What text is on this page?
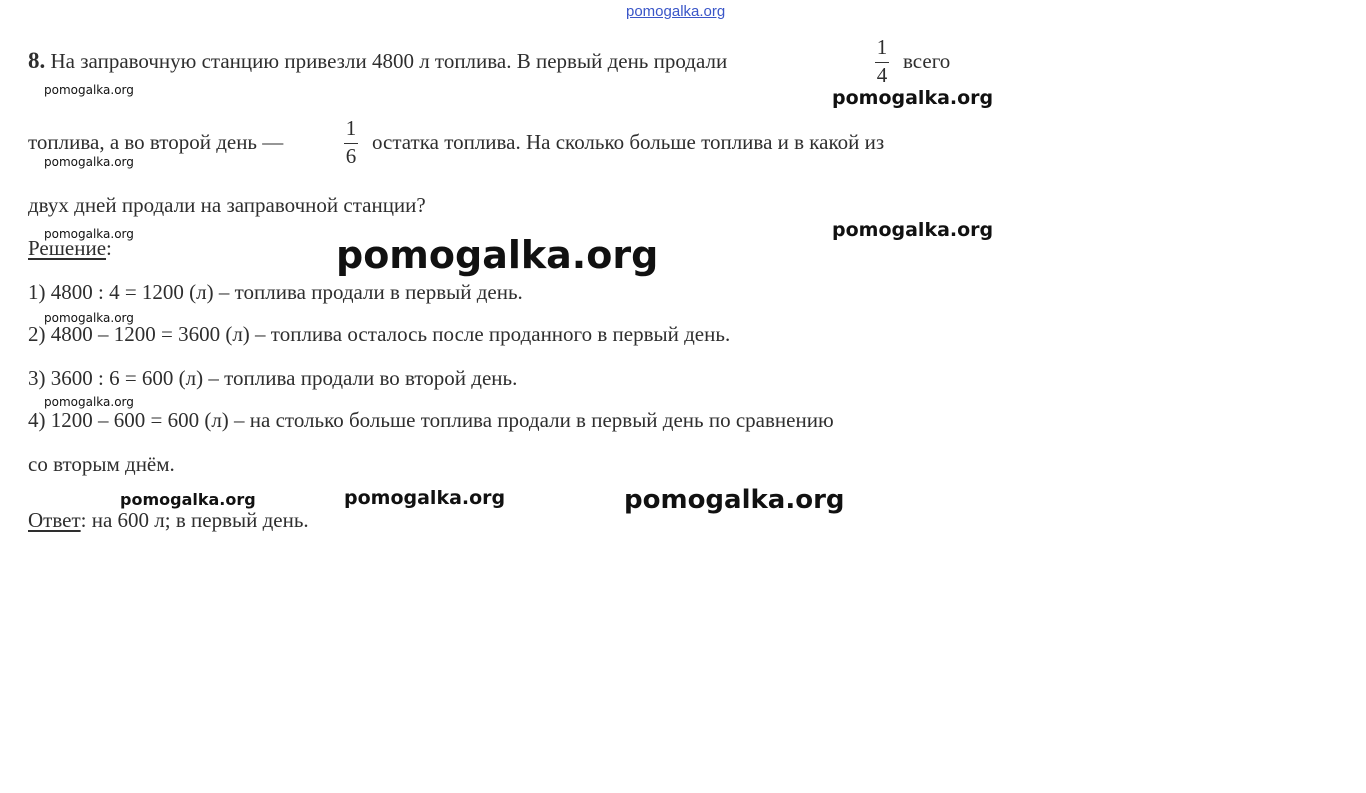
pomogalka.org
8. На заправочную станцию привезли 4800 л топлива. В первый день продали
1
4
всего
топлива, а во второй день —
1
6
остатка топлива. На сколько больше топлива и в какой из
двух дней продали на заправочной станции?
Решение:
1) 4800 : 4 = 1200 (л) – топлива продали в первый день.
2) 4800 – 1200 = 3600 (л) – топлива осталось после проданного в первый день.
3) 3600 : 6 = 600 (л) – топлива продали во второй день.
4) 1200 – 600 = 600 (л) – на столько больше топлива продали в первый день по сравнению
со вторым днём.
Ответ: на 600 л; в первый день.
pomogalka.org
pomogalka.org
pomogalka.org
pomogalka.org
pomogalka.org
pomogalka.org
pomogalka.org
pomogalka.org	pomogalka.org
pomogalka.org
pomogalka.org
